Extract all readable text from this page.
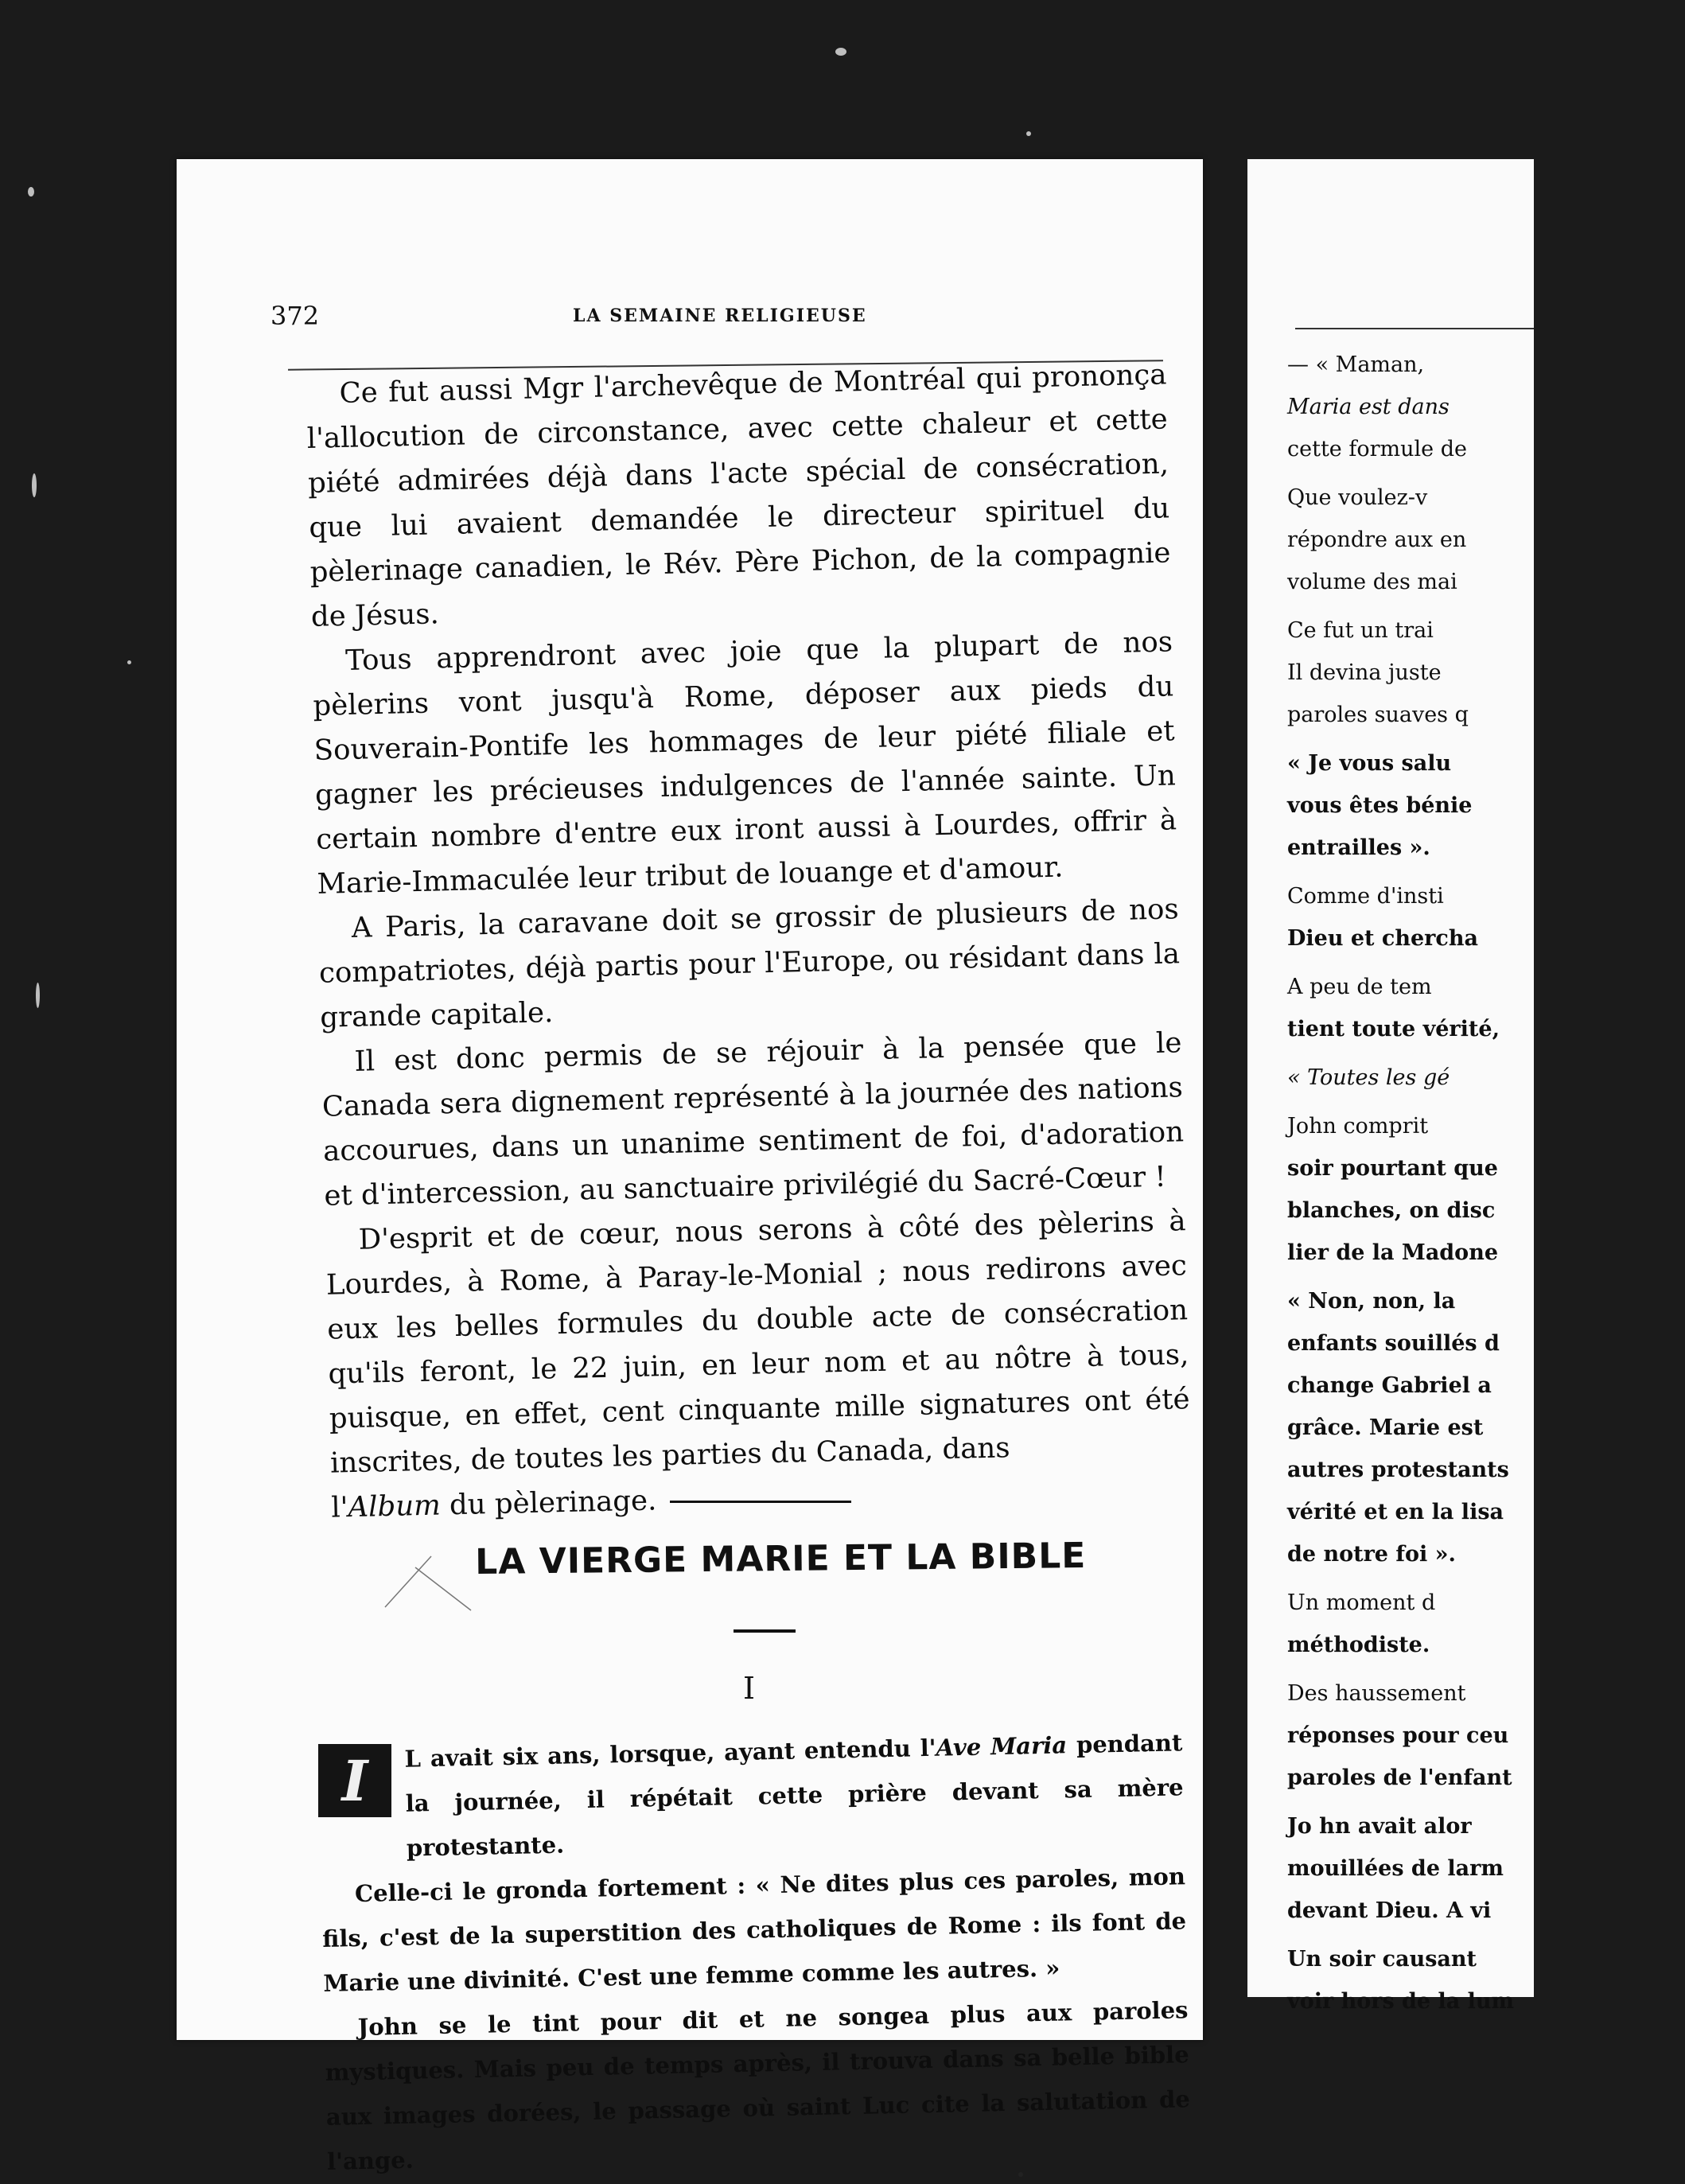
372	LA SEMAINE RELIGIEUSE

Ce fut aussi Mgr l'archevêque de Montréal qui prononça l'allocution de circonstance, avec cette chaleur et cette piété admirées déjà dans l'acte spécial de consécration, que lui avaient demandée le directeur spirituel du pèlerinage canadien, le Rév. Père Pichon, de la compagnie de Jésus.

Tous apprendront avec joie que la plupart de nos pèlerins vont jusqu'à Rome, déposer aux pieds du Souverain-Pontife les hommages de leur piété filiale et gagner les précieuses indulgences de l'année sainte. Un certain nombre d'entre eux iront aussi à Lourdes, offrir à Marie-Immaculée leur tribut de louange et d'amour.

A Paris, la caravane doit se grossir de plusieurs de nos compatriotes, déjà partis pour l'Europe, ou résidant dans la grande capitale.

Il est donc permis de se réjouir à la pensée que le Canada sera dignement représenté à la journée des nations accourues, dans un unanime sentiment de foi, d'adoration et d'intercession, au sanctuaire privilégié du Sacré-Cœur !

D'esprit et de cœur, nous serons à côté des pèlerins à Lourdes, à Rome, à Paray-le-Monial ; nous redirons avec eux les belles formules du double acte de consécration qu'ils feront, le 22 juin, en leur nom et au nôtre à tous, puisque, en effet, cent cinquante mille signatures ont été inscrites, de toutes les parties du Canada, dans

l'Album du pèlerinage.

LA VIERGE MARIE ET LA BIBLE
I
I	L avait six ans, lorsque, ayant entendu l'Ave Maria pendant la journée, il répétait cette prière devant sa mère protestante.

Celle-ci le gronda fortement : « Ne dites plus ces paroles, mon fils, c'est de la superstition des catholiques de Rome : ils font de Marie une divinité. C'est une femme comme les autres. »

John se le tint pour dit et ne songea plus aux paroles mystiques. Mais peu de temps après, il trouva dans sa belle bible aux images dorées, le passage où saint Luc cite la salutation de l'ange.

— « Maman,
Maria est dans
cette formule de
Que voulez-v
répondre aux en
volume des mai
Ce fut un trai
Il devina juste
paroles suaves q
« Je vous salu
vous êtes bénie
entrailles ».
Comme d'insti
Dieu et chercha
A peu de tem
tient toute vérité,
« Toutes les gé
John comprit
soir pourtant que
blanches, on disc
lier de la Madone
« Non, non, la
enfants souillés d
change Gabriel a
grâce. Marie est
autres protestants
vérité et en la lisa
de notre foi ».
Un moment d
méthodiste.
Des haussement
réponses pour ceu
paroles de l'enfant
Jo hn avait alor
mouillées de larm
devant Dieu. A vi
Un soir causant
voir hors de la lum
